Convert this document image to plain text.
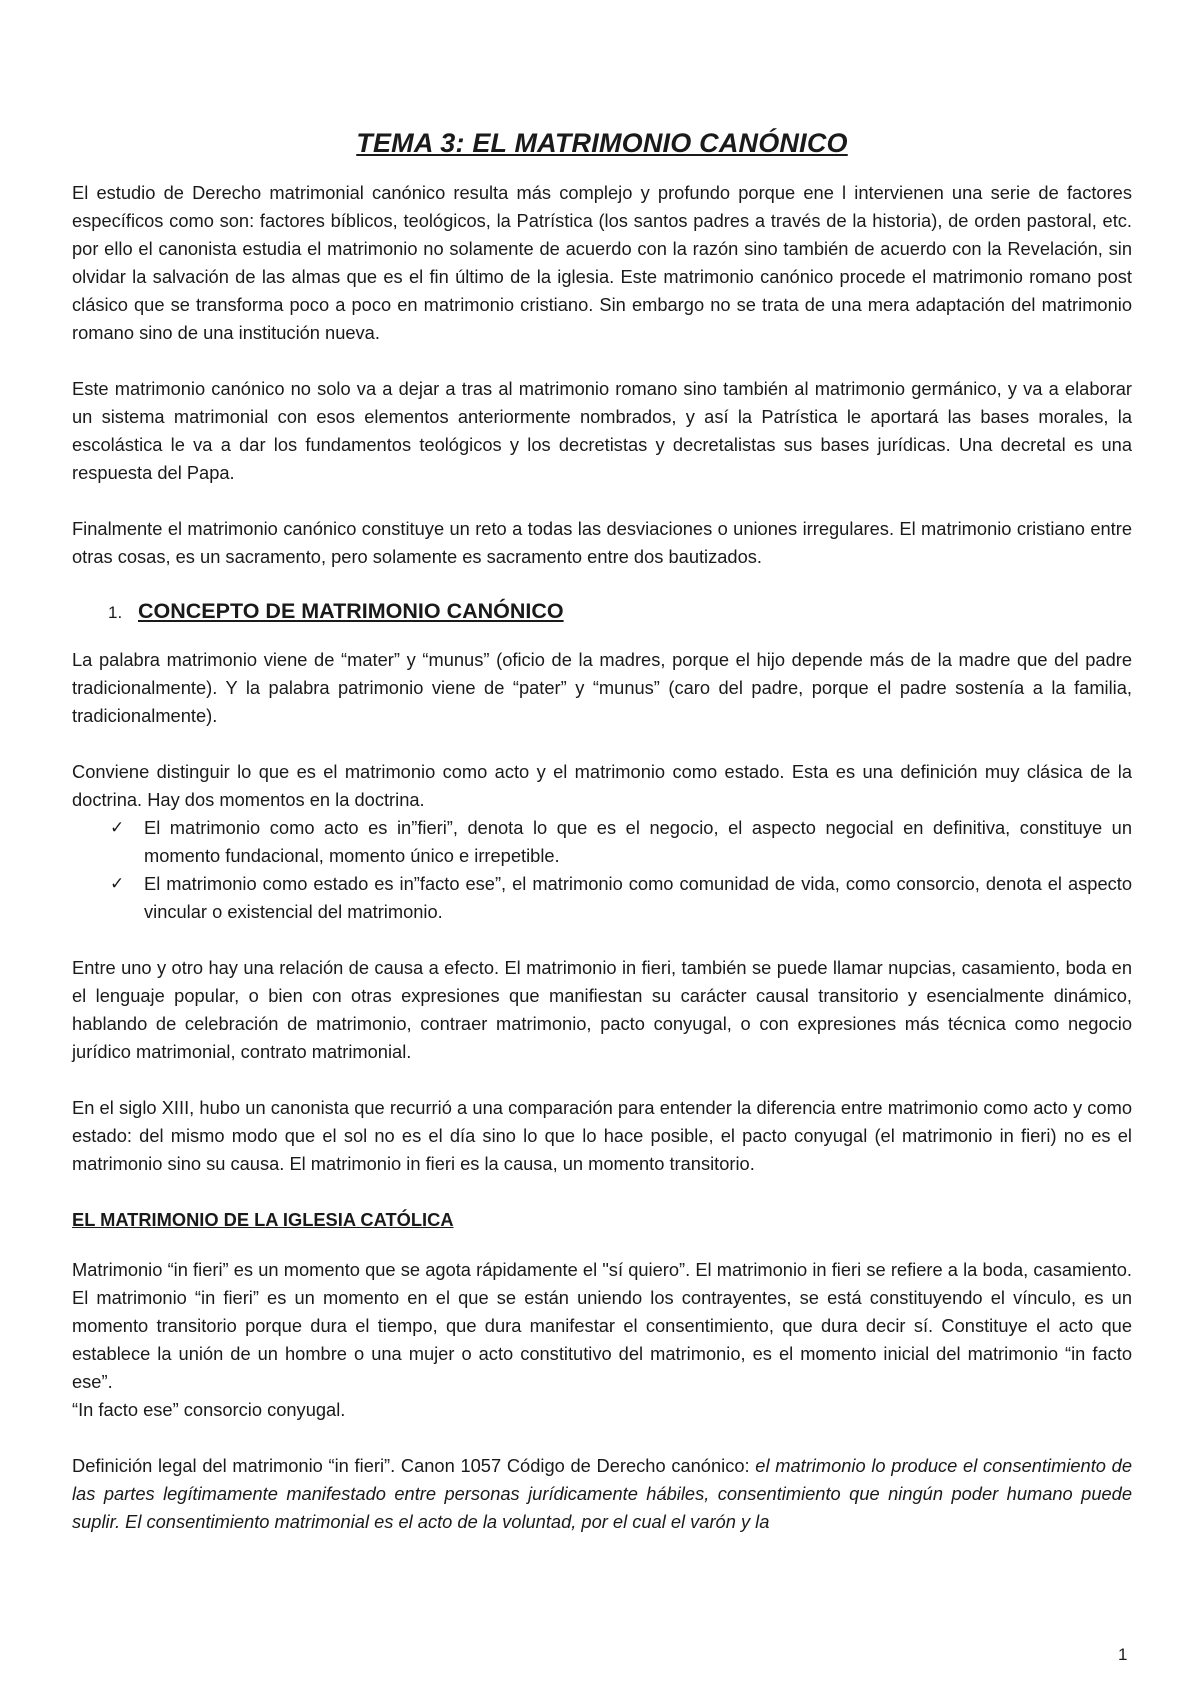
TEMA 3: EL MATRIMONIO CANÓNICO

El estudio de Derecho matrimonial canónico resulta más complejo y profundo porque ene l intervienen una serie de factores específicos como son: factores bíblicos, teológicos, la Patrística (los santos padres a través de la historia), de orden pastoral, etc. por ello el canonista estudia el matrimonio no solamente de acuerdo con la razón sino también de acuerdo con la Revelación, sin olvidar la salvación de las almas que es el fin último de la iglesia. Este matrimonio canónico procede el matrimonio romano post clásico que se transforma poco a poco en matrimonio cristiano. Sin embargo no se trata de una mera adaptación del matrimonio romano sino de una institución nueva.

Este matrimonio canónico no solo va a dejar a tras al matrimonio romano sino también al matrimonio germánico, y va a elaborar un sistema matrimonial con esos elementos anteriormente nombrados, y así la Patrística le aportará las bases morales, la escolástica le va a dar los fundamentos teológicos y los decretistas y decretalistas sus bases jurídicas. Una decretal es una respuesta del Papa.

Finalmente el matrimonio canónico constituye un reto a todas las desviaciones o uniones irregulares. El matrimonio cristiano entre otras cosas, es un sacramento, pero solamente es sacramento entre dos bautizados.

1. CONCEPTO DE MATRIMONIO CANÓNICO

La palabra matrimonio viene de “mater” y “munus” (oficio de la madres, porque el hijo depende más de la madre que del padre tradicionalmente). Y la palabra patrimonio viene de “pater” y “munus” (caro del padre, porque el padre sostenía a la familia, tradicionalmente).

Conviene distinguir lo que es el matrimonio como acto y el matrimonio como estado. Esta es una definición muy clásica de la doctrina. Hay dos momentos en la doctrina.

✓ El matrimonio como acto es in”fieri”, denota lo que es el negocio, el aspecto negocial en definitiva, constituye un momento fundacional, momento único e irrepetible.
✓ El matrimonio como estado es in”facto ese”, el matrimonio como comunidad de vida, como consorcio, denota el aspecto vincular o existencial del matrimonio.

Entre uno y otro hay una relación de causa a efecto. El matrimonio in fieri, también se puede llamar nupcias, casamiento, boda en el lenguaje popular, o bien con otras expresiones que manifiestan su carácter causal transitorio y esencialmente dinámico, hablando de celebración de matrimonio, contraer matrimonio, pacto conyugal, o con expresiones más técnica como negocio jurídico matrimonial, contrato matrimonial.

En el siglo XIII, hubo un canonista que recurrió a una comparación para entender la diferencia entre matrimonio como acto y como estado: del mismo modo que el sol no es el día sino lo que lo hace posible, el pacto conyugal (el matrimonio in fieri) no es el matrimonio sino su causa. El matrimonio in fieri es la causa, un momento transitorio.

EL MATRIMONIO DE LA IGLESIA CATÓLICA

Matrimonio “in fieri” es un momento que se agota rápidamente el "sí quiero”. El matrimonio in fieri se refiere a la boda, casamiento. El matrimonio “in fieri” es un momento en el que se están uniendo los contrayentes, se está constituyendo el vínculo, es un momento transitorio porque dura el tiempo, que dura manifestar el consentimiento, que dura decir sí. Constituye el acto que establece la unión de un hombre o una mujer o acto constitutivo del matrimonio, es el momento inicial del matrimonio “in facto ese”.

“In facto ese” consorcio conyugal.

Definición legal del matrimonio “in fieri”. Canon 1057 Código de Derecho canónico: el matrimonio lo produce el consentimiento de las partes legítimamente manifestado entre personas jurídicamente hábiles, consentimiento que ningún poder humano puede suplir. El consentimiento matrimonial es el acto de la voluntad, por el cual el varón y la

1
